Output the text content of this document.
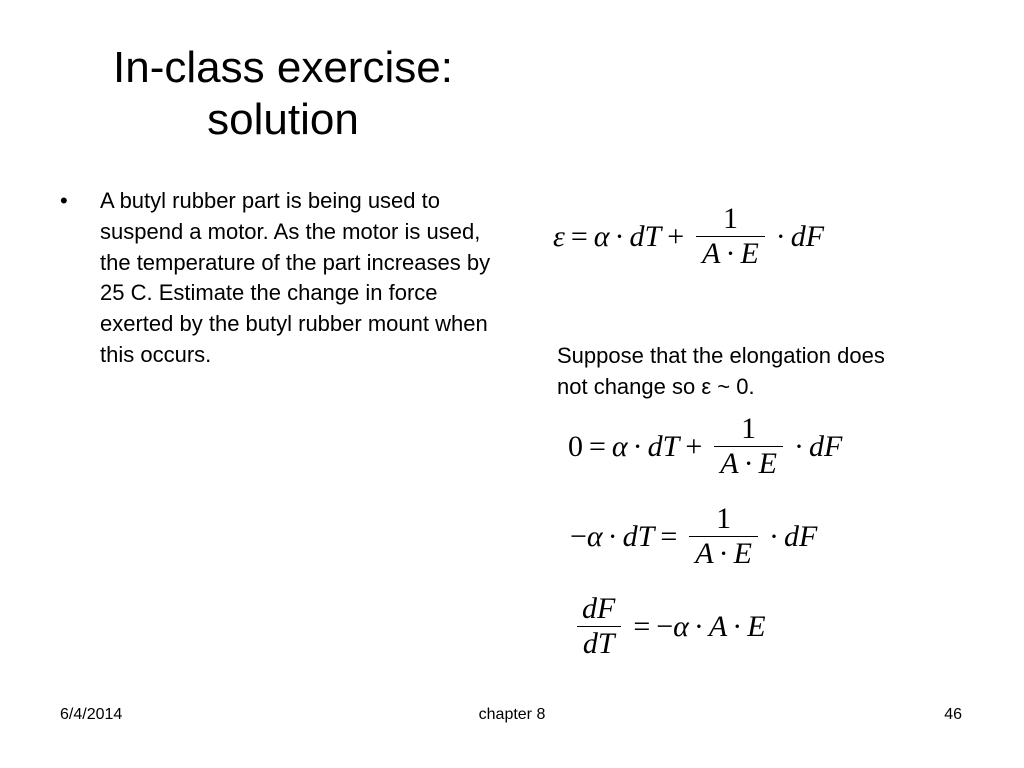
In-class exercise:
solution
• A butyl rubber part is being used to suspend a motor. As the motor is used, the temperature of the part increases by 25 C. Estimate the change in force exerted by the butyl rubber mount when this occurs.
ε = α · dT + $\frac{1}{A \cdot E}$ · dF
Suppose that the elongation does not change so ε ~ 0.
0 = α · dT + $\frac{1}{A \cdot E}$ · dF
− α · dT = $\frac{1}{A \cdot E}$ · dF
$\frac{dF}{dT}$ = − α · A · E
6/4/2014	chapter 8	46
